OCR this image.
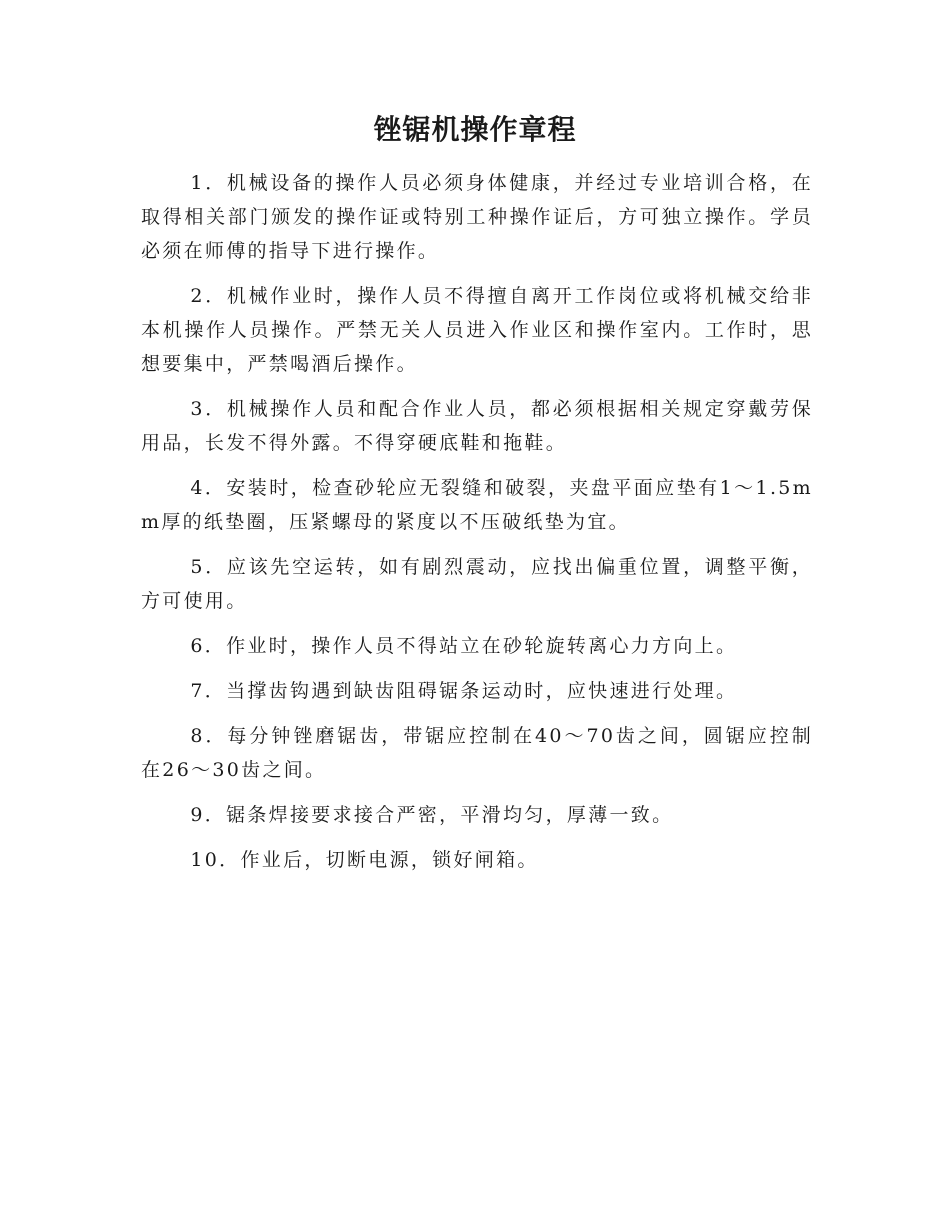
锉锯机操作章程

1．机械设备的操作人员必须身体健康，并经过专业培训合格，在取得相关部门颁发的操作证或特别工种操作证后，方可独立操作。学员必须在师傅的指导下进行操作。

2．机械作业时，操作人员不得擅自离开工作岗位或将机械交给非本机操作人员操作。严禁无关人员进入作业区和操作室内。工作时，思想要集中，严禁喝酒后操作。

3．机械操作人员和配合作业人员，都必须根据相关规定穿戴劳保用品，长发不得外露。不得穿硬底鞋和拖鞋。

4．安装时，检查砂轮应无裂缝和破裂，夹盘平面应垫有1～1.5mm厚的纸垫圈，压紧螺母的紧度以不压破纸垫为宜。

5．应该先空运转，如有剧烈震动，应找出偏重位置，调整平衡，方可使用。

6．作业时，操作人员不得站立在砂轮旋转离心力方向上。

7．当撑齿钩遇到缺齿阻碍锯条运动时，应快速进行处理。

8．每分钟锉磨锯齿，带锯应控制在40～70齿之间，圆锯应控制在26～30齿之间。

9．锯条焊接要求接合严密，平滑均匀，厚薄一致。

10．作业后，切断电源，锁好闸箱。
